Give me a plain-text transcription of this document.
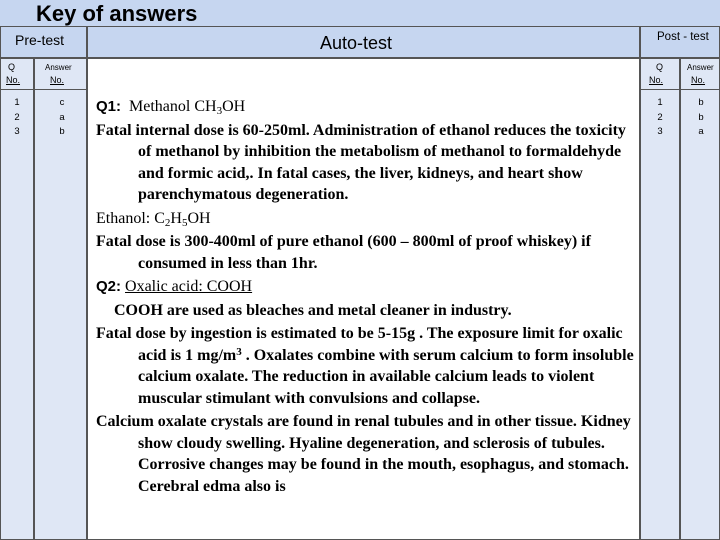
Key of answers
Pre-test	Auto-test	Post - test
Q
No.
1
2
3
Answer
No.
c
a
b

Q1: Methanol $CH_3OH$

Fatal internal dose is 60-250ml. Administration of ethanol reduces the toxicity of methanol by inhibition the metabolism of methanol to formaldehyde and formic acid,. In fatal cases, the liver, kidneys, and heart show parenchymatous degeneration.

Ethanol: $C_2H_5OH$

Fatal dose is 300-400ml of pure ethanol (600 – 800ml of proof whiskey) if consumed in less than 1hr.

Q2: Oxalic acid: COOH

COOH are used as bleaches and metal cleaner in industry.

Fatal dose by ingestion is estimated to be 5-15g . The exposure limit for oxalic acid is 1 $mg/m^3$ . Oxalates combine with serum calcium to form insoluble calcium oxalate. The reduction in available calcium leads to violent muscular stimulant with convulsions and collapse.

Calcium oxalate crystals are found in renal tubules and in other tissue. Kidney show cloudy swelling. Hyaline degeneration, and sclerosis of tubules. Corrosive changes may be found in the mouth, esophagus, and stomach. Cerebral edma also is

Q
No.
1
2
3
Answer
No.
b
b
a
